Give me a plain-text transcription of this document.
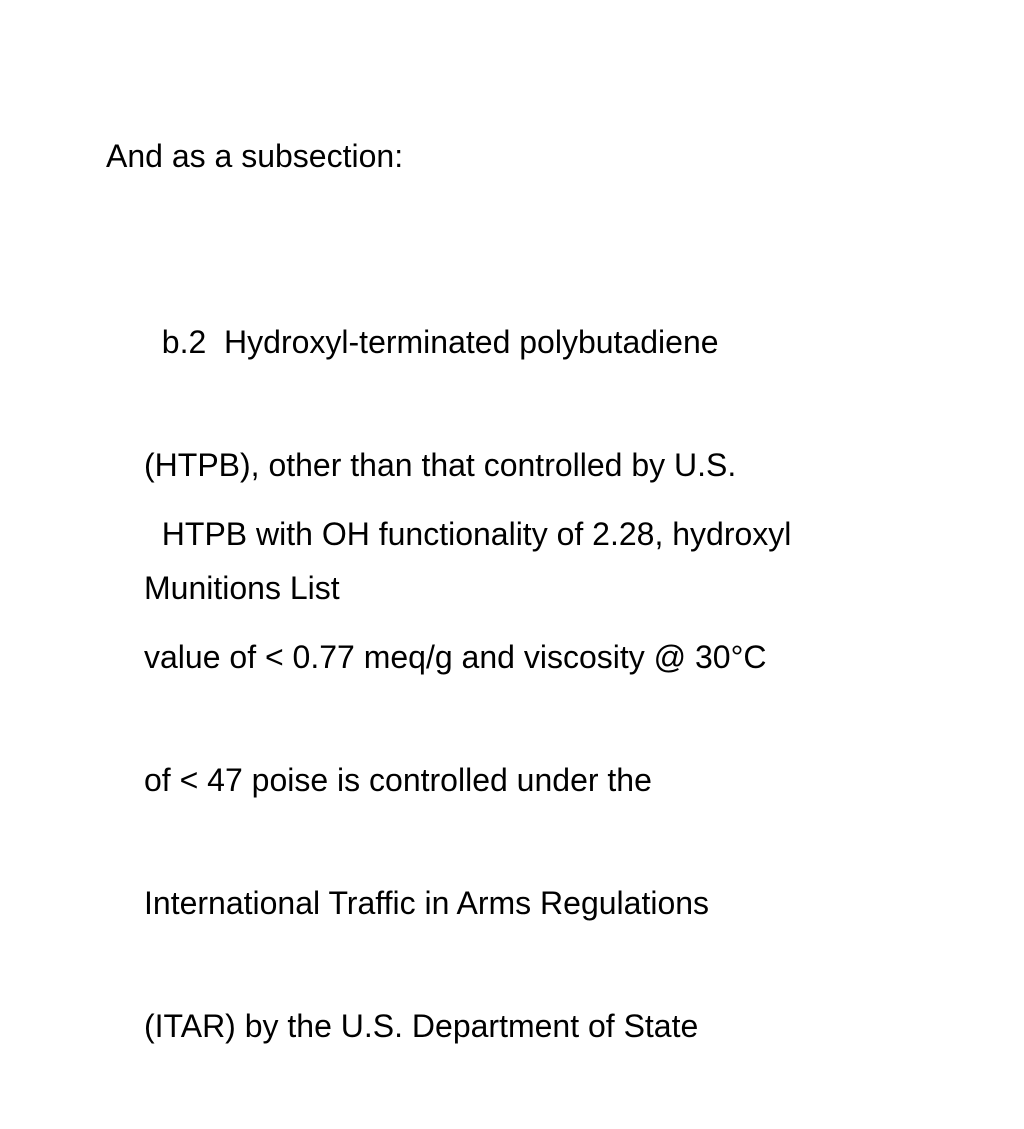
And as a subsection:

b.2  Hydroxyl-terminated polybutadiene

(HTPB), other than that controlled by U.S.

Munitions List

HTPB with OH functionality of 2.28, hydroxyl

value of < 0.77 meq/g and viscosity @ 30°C

of < 47 poise is controlled under the

International Traffic in Arms Regulations

(ITAR) by the U.S. Department of State
